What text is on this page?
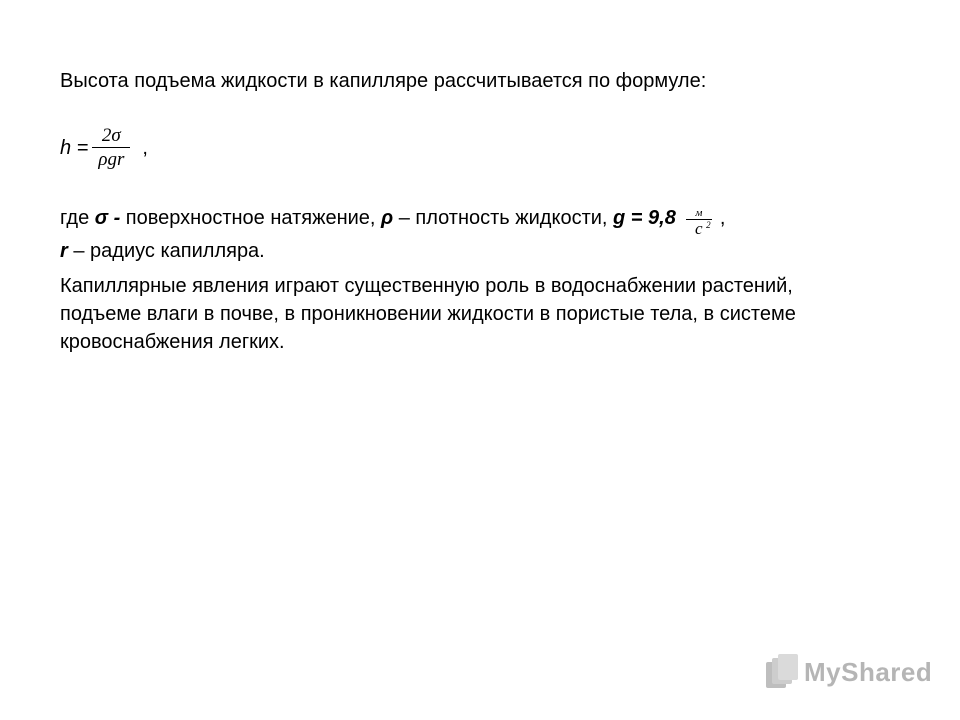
Высота подъема жидкости в капилляре рассчитывается по формуле:
$h = \frac{2\sigma}{\text{ρgr}}$ ,
где σ - поверхностное натяжение, ρ – плотность жидкости, $g = 9,8 \frac{м}{с 2}$ ,
r – радиус капилляра.
Капиллярные явления играют существенную роль в водоснабжении растений, подъеме влаги в почве, в проникновении жидкости в пористые тела, в системе кровоснабжения легких.
MyShared
